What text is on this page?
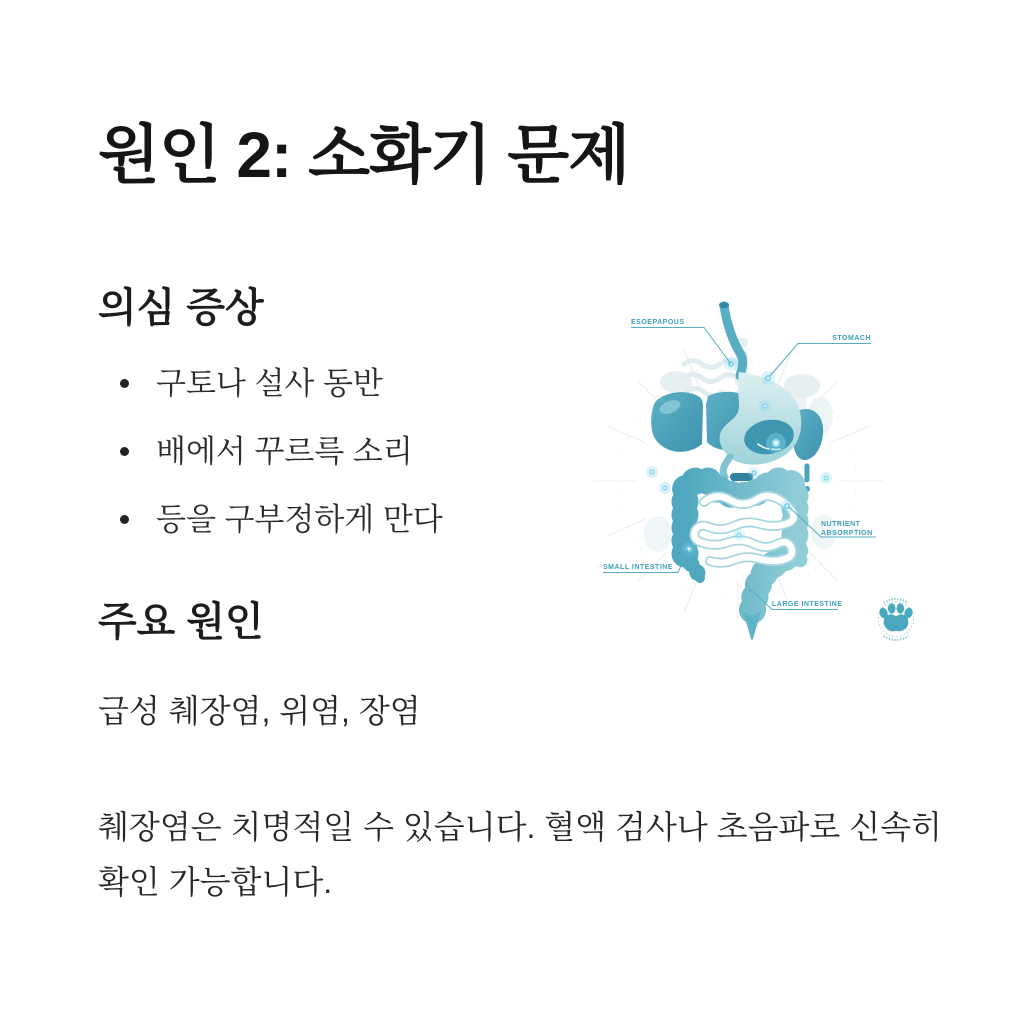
원인 2: 소화기 문제
의심 증상
구토나 설사 동반
배에서 꾸르륵 소리
등을 구부정하게 만다
주요 원인
급성 췌장염, 위염, 장염
췌장염은 치명적일 수 있습니다. 혈액 검사나 초음파로 신속히 확인 가능합니다.
ESOEPAPOUS
STOMACH
NUTRIENT
ABSORPTION
SMALL INTESTINE
LARGE INTESTINE
